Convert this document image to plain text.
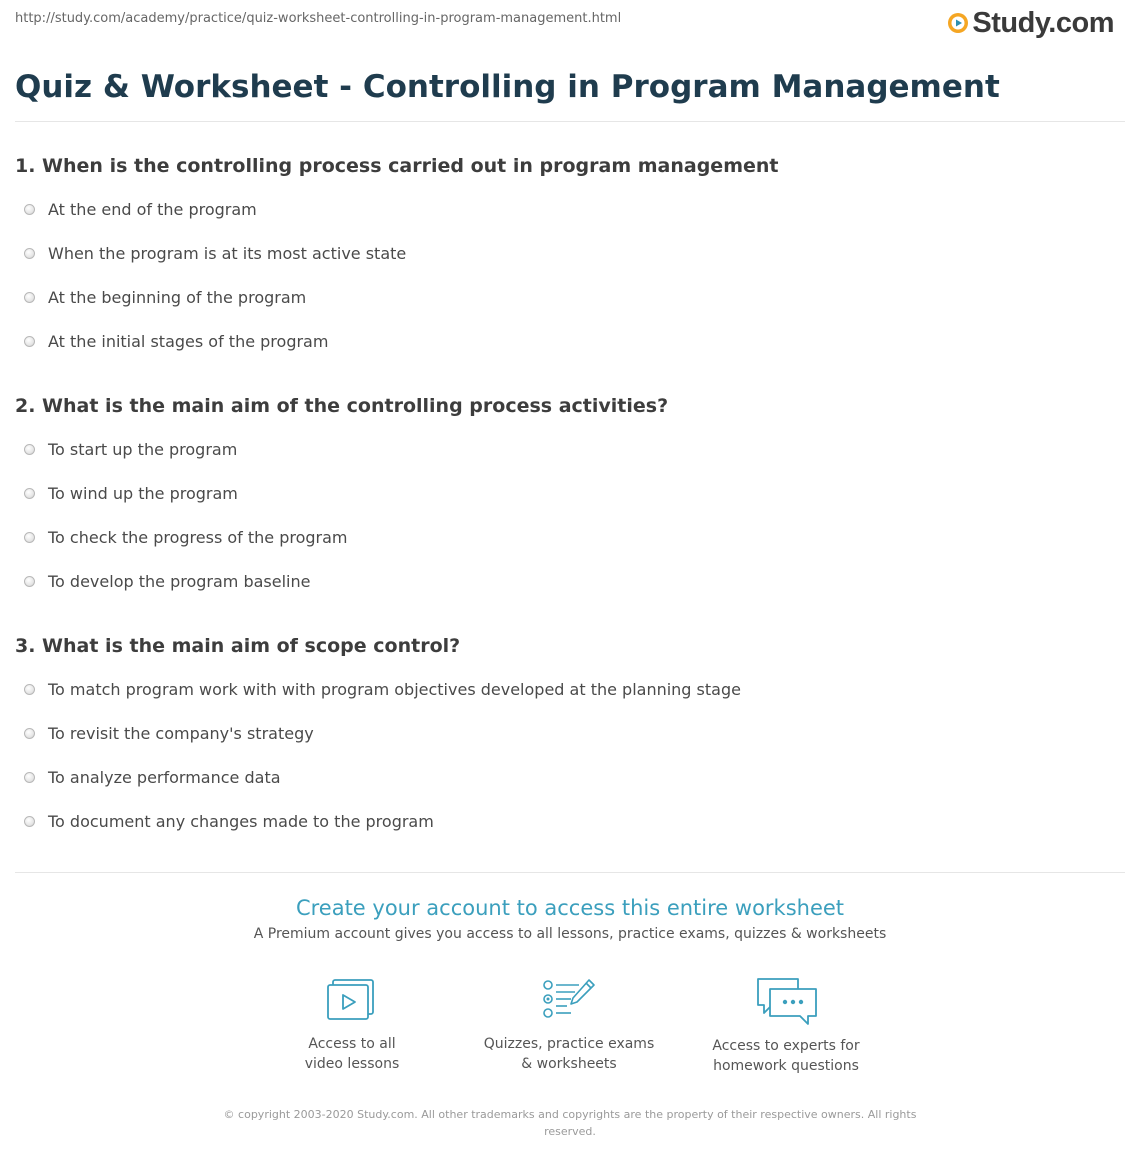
http://study.com/academy/practice/quiz-worksheet-controlling-in-program-management.html	Study.com
Quiz & Worksheet - Controlling in Program Management
1. When is the controlling process carried out in program management
At the end of the program
When the program is at its most active state
At the beginning of the program
At the initial stages of the program
2. What is the main aim of the controlling process activities?
To start up the program
To wind up the program
To check the progress of the program
To develop the program baseline
3. What is the main aim of scope control?
To match program work with with program objectives developed at the planning stage
To revisit the company's strategy
To analyze performance data
To document any changes made to the program
Create your account to access this entire worksheet
A Premium account gives you access to all lessons, practice exams, quizzes & worksheets
Access to all
video lessons
Quizzes, practice exams
& worksheets
Access to experts for
homework questions
© copyright 2003-2020 Study.com. All other trademarks and copyrights are the property of their respective owners. All rights
reserved.
